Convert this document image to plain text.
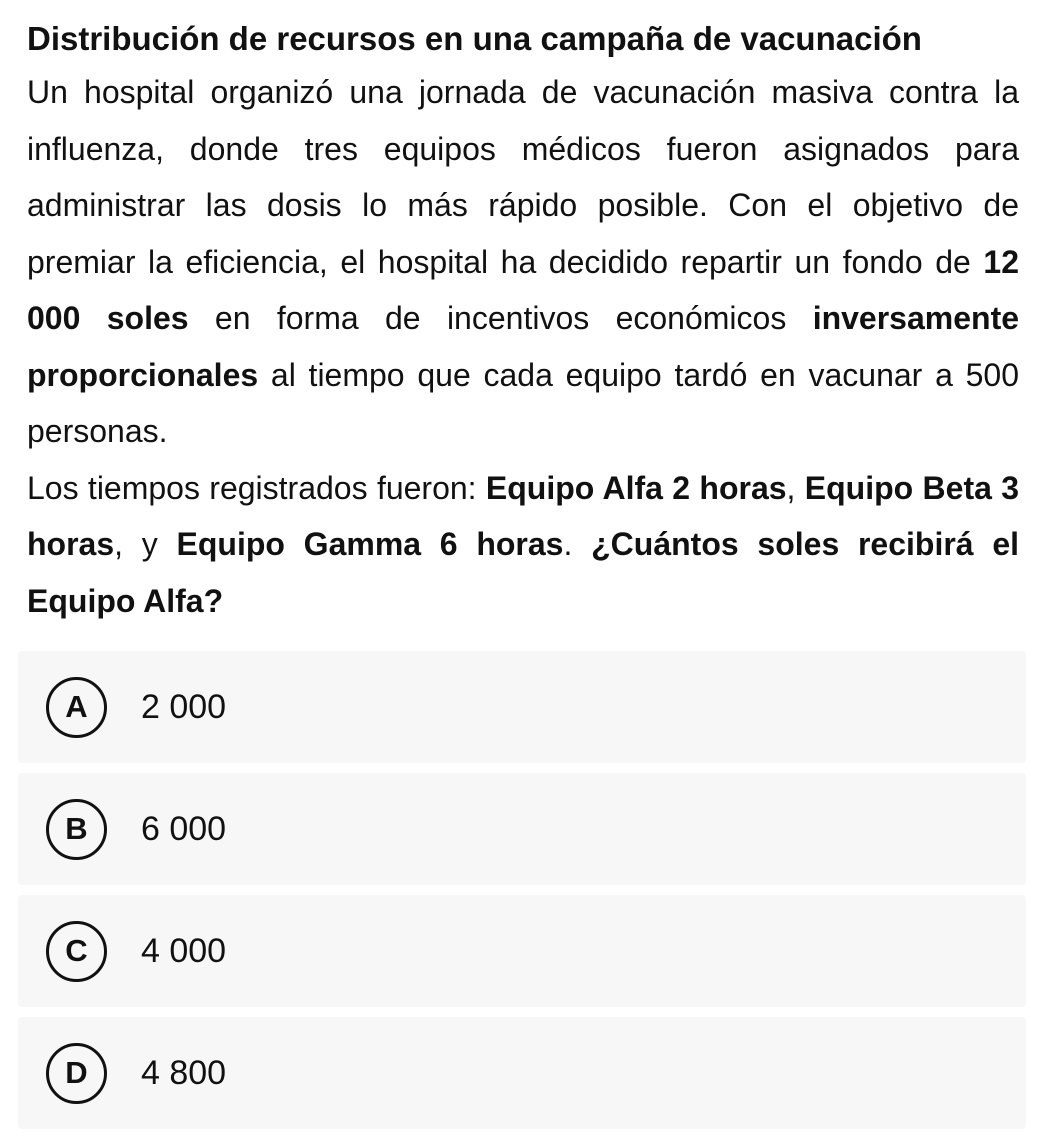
Distribución de recursos en una campaña de vacunación

Un hospital organizó una jornada de vacunación masiva contra la influenza, donde tres equipos médicos fueron asignados para administrar las dosis lo más rápido posible. Con el objetivo de premiar la eficiencia, el hospital ha decidido repartir un fondo de 12 000 soles en forma de incentivos económicos inversamente proporcionales al tiempo que cada equipo tardó en vacunar a 500 personas.

Los tiempos registrados fueron: Equipo Alfa 2 horas, Equipo Beta 3 horas, y Equipo Gamma 6 horas. ¿Cuántos soles recibirá el Equipo Alfa?

A	2 000
B	6 000
C	4 000
D	4 800
